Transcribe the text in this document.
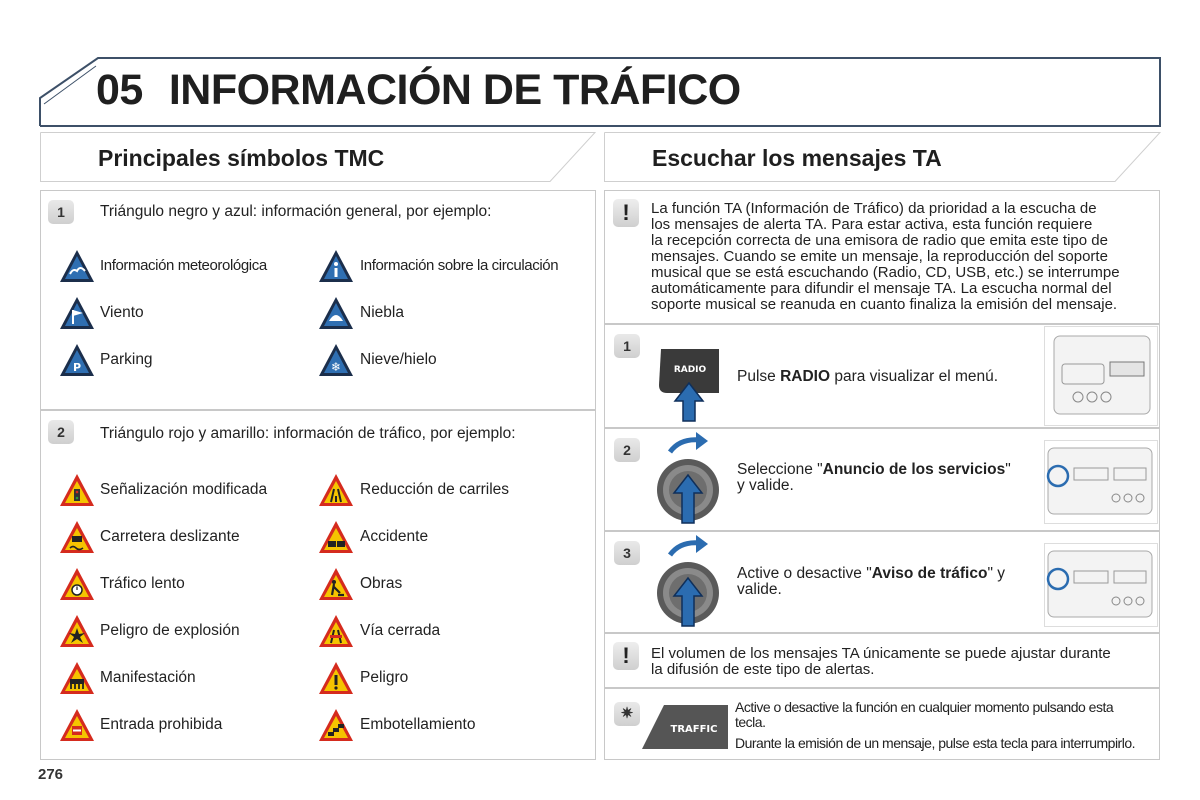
05 INFORMACIÓN DE TRÁFICO
Principales símbolos TMC	Escuchar los mensajes TA
1	Triángulo negro y azul: información general, por ejemplo:
Información meteorológica	Información sobre la circulación
Viento	Niebla
P Parking	❄ Nieve/hielo
2	Triángulo rojo y amarillo: información de tráfico, por ejemplo:
Señalización modificada	Reducción de carriles
Carretera deslizante	Accidente
Tráfico lento	Obras
Peligro de explosión	Vía cerrada
Manifestación	Peligro
Entrada prohibida	Embotellamiento
!	La función TA (Información de Tráfico) da prioridad a la escucha de
los mensajes de alerta TA. Para estar activa, esta función requiere
la recepción correcta de una emisora de radio que emita este tipo de
mensajes. Cuando se emite un mensaje, la reproducción del soporte
musical que se está escuchando (Radio, CD, USB, etc.) se interrumpe
automáticamente para difundir el mensaje TA. La escucha normal del
soporte musical se reanuda en cuanto finaliza la emisión del mensaje.
1
RADIO Pulse RADIO para visualizar el menú.
2
Seleccione "Anuncio de los servicios"
y valide.
3
Active o desactive "Aviso de tráfico" y
valide.
!	El volumen de los mensajes TA únicamente se puede ajustar durante
la difusión de este tipo de alertas.
✷
TRAFFIC
Active o desactive la función en cualquier momento pulsando esta
tecla.
Durante la emisión de un mensaje, pulse esta tecla para interrumpirlo.
276
